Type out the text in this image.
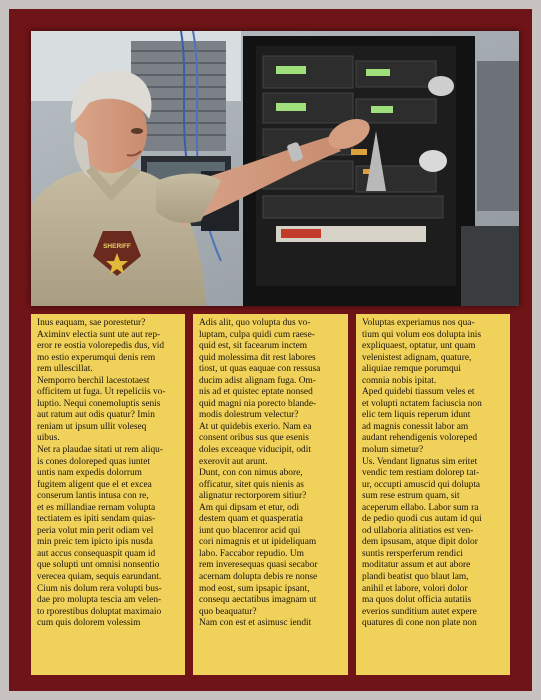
SHERIFF

Inus eaquam, sae porestetur?
Aximinv electia sunt ute aut rep-
eror re eostia volorepedis dus, vid
mo estio experumqui denis rem
rem ullescillat.

Nemporro berchil lacestotaest
officitem ut fuga. Ut repeliciis vo-
luptio. Nequi conemoluptis senis
aut ratum aut odis quatur? Imin
reniam ut ipsum ullit voleseq
uibus.

Net ra plaudae sitati ut rem aliqu-
is cones doloreped quas iuntet
untis nam expedis dolorrum
fugitem aligent que el et excea
conserum lantis intusa con re,
et es millandiae rernam volupta
tectiatem es ipiti sendam quias-
peria volut min perit odiam vel
min preic tem ipicto ipis nusda
aut accus consequaspit quam id
que solupti unt omnisi nonsentio
verecea quiam, sequis earundant.
Cium nis dolum rera volupti bus-
dae pro molupta tescia am velen-
to rporestibus doluptat maximaio
cum quis dolorem volessim

Adis alit, quo volupta dus vo-
luptam, culpa quidi cum raese-
quid est, sit facearum inctem
quid molessima dit rest labores
tiost, ut quas eaquae con ressusa
ducim adist alignam fuga. Om-
nis ad et quistec eptate nonsed
quid magni nia porecto blande-
modis dolestrum velectur?

At ut quidebis exerio. Nam ea
consent oribus sus que esenis
doles exceaque viducipit, odit
exerovit aut arunt.

Dunt, con con nimus abore,
officatur, sitet quis nienis as
alignatur rectorporem sitiur?
Am qui dipsam et etur, odi
destem quam et quasperatia
iunt quo blaceпror acid qui
cori nimagnis et ut ipideliquam
labo. Faccabor repudio. Um
rem inveresequas quasi secabor
acernam dolupta debis re nonse
mod eost, sum ipsapic ipsant,
consequ aectatibus imagnam ut
quo beaquatur?

Nam con est et asimusc iendit

Voluptas experiamus nos qua-
tium qui volum eos dolupta inis
expliquaest, optatur, unt quam
velenistest adignam, quature,
aliquiae remque porumqui
comnia nobis ipitat.

Aped quidebi tiassum veles et
et volupti nctatem faciuscia non
elic tem liquis reperum idunt
ad magnis conessit labor am
audant rehendigenis voloreped
molum simetur?

Us. Vendant lignatus sim eritet
vendic tem restiam dolorep tat-
ur, occupti amuscid qui dolupta
sum rese estrum quam, sit
aceperum ellabo. Labor sum ra
de pedio quodi cus autam id qui
od ullaboria alitiatios est ven-
dem ipsusam, atque dipit dolor
suntis rersperferum rendici
moditatur assum et aut abore
plandi beatist quo blaut lam,
anihil et labore, volori dolor
ma quos dolut officia autatiis
everios sunditium autet expere
quatures di cone non plate non
